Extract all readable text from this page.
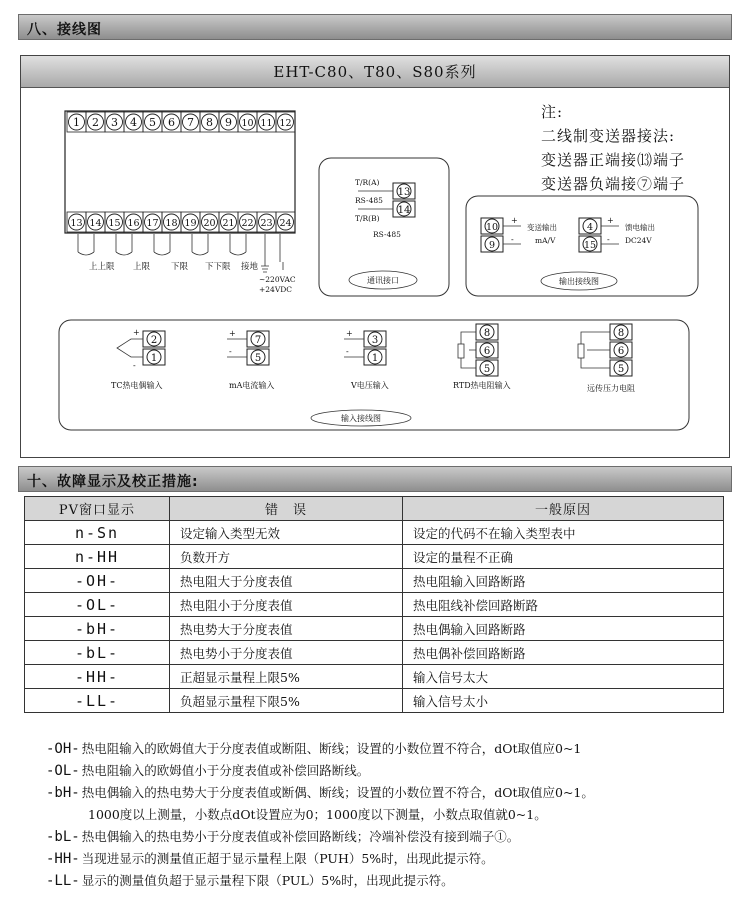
八、接线图
EHT-C80、T80、S80系列
1 2 3 4 5 6 7 8 9 10 11 12
13 14 15 16 17 18 19 20 21 22 23 24
上上限 上限 下限 下下限 接地
~220VAC
+24VDC
13
14
T/R(A)
RS-485
T/R(B)
RS-485
通讯接口
10
9
+
-
变送输出
mA/V
4
15
+
-
馈电输出
DC24V
输出接线图
2
1
+
-
TC热电偶输入
7
5
+
-
mA电流输入
3
1
+
-
V电压输入
8
6
5
RTD热电阻输入
8
6
5
远传压力电阻
输入接线图
注:
二线制变送器接法:
变送器正端接⒀端子
变送器负端接⑦端子
十、故障显示及校正措施:
PV窗口显示	错　误	一般原因
n-Sn	设定输入类型无效	设定的代码不在输入类型表中
n-HH	负数开方	设定的量程不正确
-OH-	热电阻大于分度表值	热电阻输入回路断路
-OL-	热电阻小于分度表值	热电阻线补偿回路断路
-bH-	热电势大于分度表值	热电偶输入回路断路
-bL-	热电势小于分度表值	热电偶补偿回路断路
-HH-	正超显示量程上限5%	输入信号太大
-LL-	负超显示量程下限5%	输入信号太小
-OH- 热电阻输入的欧姆值大于分度表值或断阻、断线；设置的小数位置不符合，dOt取值应0~1
-OL- 热电阻输入的欧姆值小于分度表值或补偿回路断线。
-bH- 热电偶输入的热电势大于分度表值或断偶、断线；设置的小数位置不符合，dOt取值应0~1。
1000度以上测量，小数点dOt设置应为0；1000度以下测量，小数点取值就0~1。
-bL- 热电偶输入的热电势小于分度表值或补偿回路断线；冷端补偿没有接到端子①。
-HH- 当现进显示的测量值正超于显示量程上限（PUH）5%时，出现此提示符。
-LL- 显示的测量值负超于显示量程下限（PUL）5%时，出现此提示符。
